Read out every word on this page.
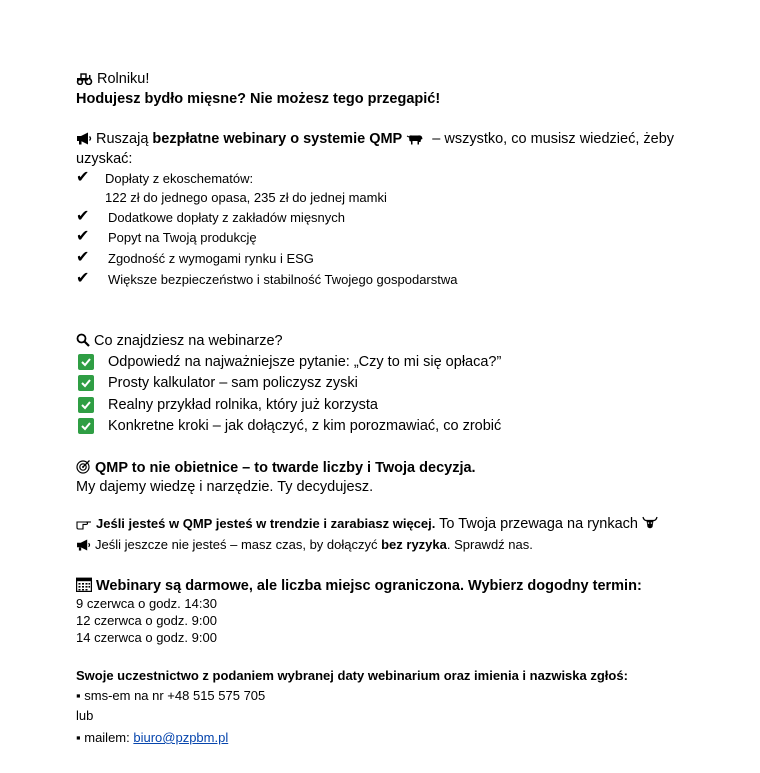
Rolniku!
Hodujesz bydło mięsne? Nie możesz tego przegapić!
Ruszają bezpłatne webinary o systemie QMP
– wszystko, co musisz wiedzieć, żeby
uzyskać:
✔ Dopłaty z ekoschematów:
122 zł do jednego opasa, 235 zł do jednej mamki
✔ Dodatkowe dopłaty z zakładów mięsnych
✔ Popyt na Twoją produkcję
✔ Zgodność z wymogami rynku i ESG
✔ Większe bezpieczeństwo i stabilność Twojego gospodarstwa
Co znajdziesz na webinarze?
Odpowiedź na najważniejsze pytanie: „Czy to mi się opłaca?”
Prosty kalkulator – sam policzysz zyski
Realny przykład rolnika, który już korzysta
Konkretne kroki – jak dołączyć, z kim porozmawiać, co zrobić
QMP to nie obietnice – to twarde liczby i Twoja decyzja.
My dajemy wiedzę i narzędzie. Ty decydujesz.
Jeśli jesteś w QMP jesteś w trendzie i zarabiasz więcej. To Twoja przewaga na rynkach
Jeśli jeszcze nie jesteś – masz czas, by dołączyć bez ryzyka. Sprawdź nas.
Webinary są darmowe, ale liczba miejsc ograniczona. Wybierz dogodny termin:
9 czerwca o godz. 14:30
12 czerwca o godz. 9:00
14 czerwca o godz. 9:00
Swoje uczestnictwo z podaniem wybranej daty webinarium oraz imienia i nazwiska zgłoś:
▪ sms-em na nr +48 515 575 705
lub
▪ mailem: biuro@pzpbm.pl
